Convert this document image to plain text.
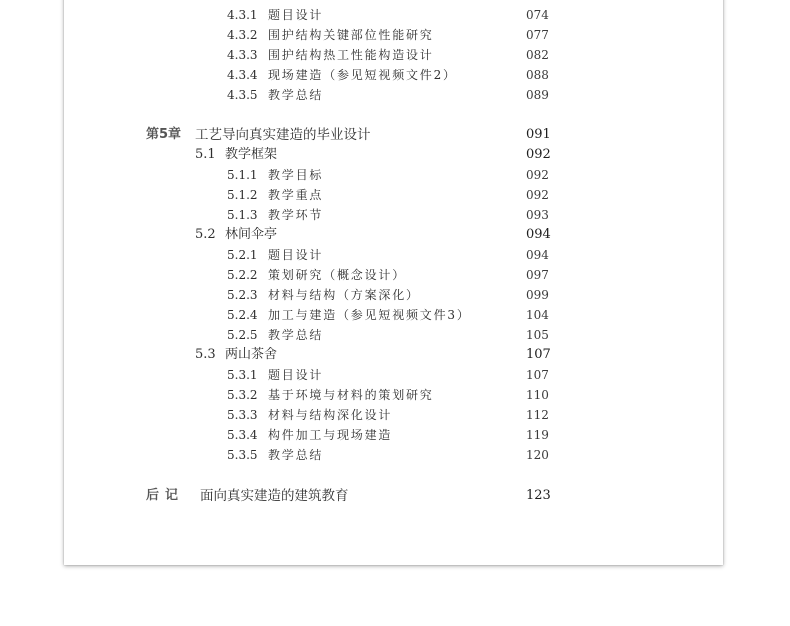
4.3.1 题目设计	074
4.3.2 围护结构关键部位性能研究	077
4.3.3 围护结构热工性能构造设计	082
4.3.4 现场建造（参见短视频文件2）	088
4.3.5 教学总结	089
第5章 工艺导向真实建造的毕业设计	091
5.1 教学框架	092
5.1.1 教学目标	092
5.1.2 教学重点	092
5.1.3 教学环节	093
5.2 林间伞亭	094
5.2.1 题目设计	094
5.2.2 策划研究（概念设计）	097
5.2.3 材料与结构（方案深化）	099
5.2.4 加工与建造（参见短视频文件3）	104
5.2.5 教学总结	105
5.3 两山茶舍	107
5.3.1 题目设计	107
5.3.2 基于环境与材料的策划研究	110
5.3.3 材料与结构深化设计	112
5.3.4 构件加工与现场建造	119
5.3.5 教学总结	120
后记 面向真实建造的建筑教育	123
